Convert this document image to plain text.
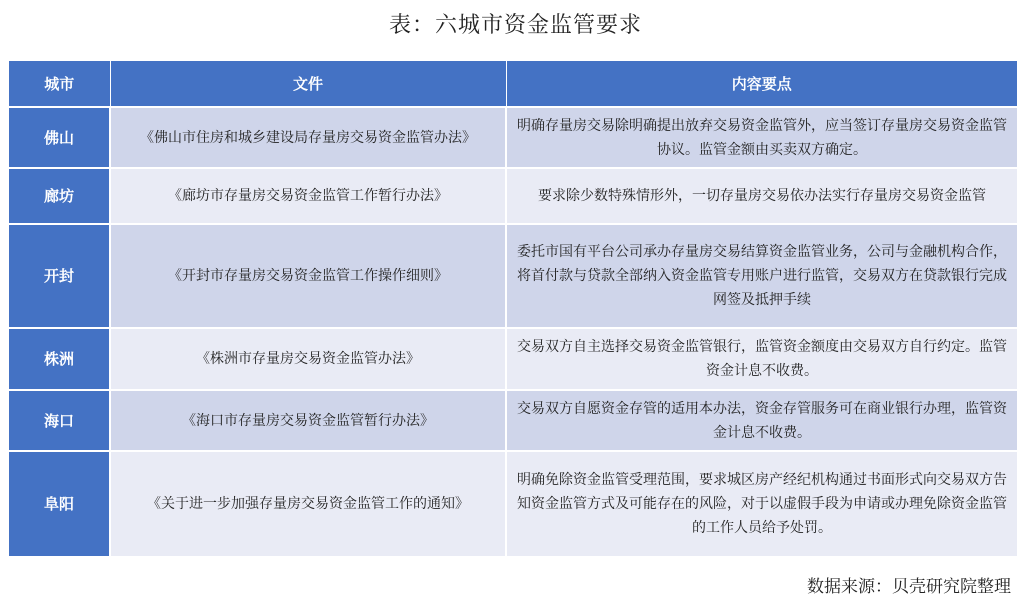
表：六城市资金监管要求
城市	文件	内容要点
佛山	《佛山市住房和城乡建设局存量房交易资金监管办法》	明确存量房交易除明确提出放弃交易资金监管外，应当签订存量房交易资金监管协议。监管金额由买卖双方确定。
廊坊	《廊坊市存量房交易资金监管工作暂行办法》	要求除少数特殊情形外，一切存量房交易依办法实行存量房交易资金监管
开封	《开封市存量房交易资金监管工作操作细则》	委托市国有平台公司承办存量房交易结算资金监管业务，公司与金融机构合作，将首付款与贷款全部纳入资金监管专用账户进行监管，交易双方在贷款银行完成网签及抵押手续
株洲	《株洲市存量房交易资金监管办法》	交易双方自主选择交易资金监管银行，监管资金额度由交易双方自行约定。监管资金计息不收费。
海口	《海口市存量房交易资金监管暂行办法》	交易双方自愿资金存管的适用本办法，资金存管服务可在商业银行办理，监管资金计息不收费。
阜阳	《关于进一步加强存量房交易资金监管工作的通知》	明确免除资金监管受理范围，要求城区房产经纪机构通过书面形式向交易双方告知资金监管方式及可能存在的风险，对于以虚假手段为申请或办理免除资金监管的工作人员给予处罚。
数据来源：贝壳研究院整理
